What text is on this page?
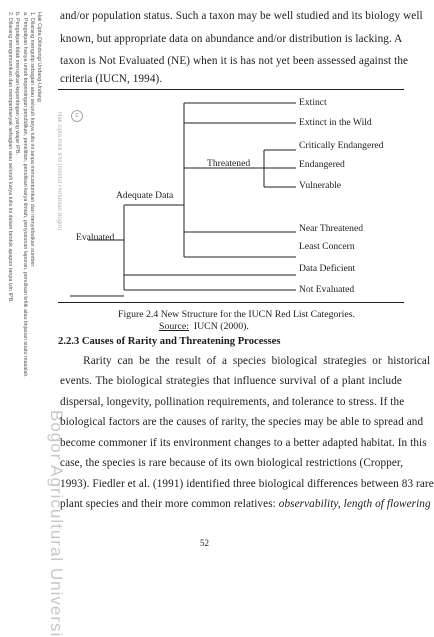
Hak Cipta Dilindungi Undang-Undang
1. Dilarang mengutip sebagian atau seluruh karya tulis ini tanpa mencantumkan dan menyebutkan sumber:
a. Pengutipan hanya untuk kepentingan pendidikan, penelitian, penulisan karya ilmiah, penyusunan laporan, penulisan kritik atau tinjauan suatu masalah.
b. Pengutipan tidak merugikan kepentingan yang wajar IPB.
2. Dilarang mengumumkan dan memperbanyak sebagian atau seluruh karya tulis ini dalam bentuk apapun tanpa izin IPB.	c
Hak cipta milik IPB (Institut Pertanian Bogor)
Bogor Agricultural Universi
and/or population status. Such a taxon may be well studied and its biology well
known, but appropriate data on abundance and/or distribution is lacking. A
taxon is Not Evaluated (NE) when it is has not yet been assessed against the
criteria (IUCN, 1994).
Extinct
Extinct in the Wild
Critically Endangered
Threatened	Endangered
Vulnerable
Adequate Data
Near Threatened
Evaluated
Least Concern
Data Deficient
Not Evaluated
Figure 2.4 New Structure for the IUCN Red List Categories.
Source:  IUCN (2000).
2.2.3 Causes of Rarity and Threatening Processes
Rarity  can  be  the  result  of  a  species  biological  strategies  or  historical
events. The biological strategies that influence survival of a plant include
dispersal, longevity, pollination requirements, and tolerance to stress. If the
biological factors are the causes of rarity, the species may be able to spread and
become commoner if its environment changes to a better adapted habitat. In this
case, the species is rare because of its own biological restrictions (Cropper,
1993). Fiedler et al. (1991) identified three biological differences between 83 rare
plant species and their more common relatives: observability, length of flowering
52
